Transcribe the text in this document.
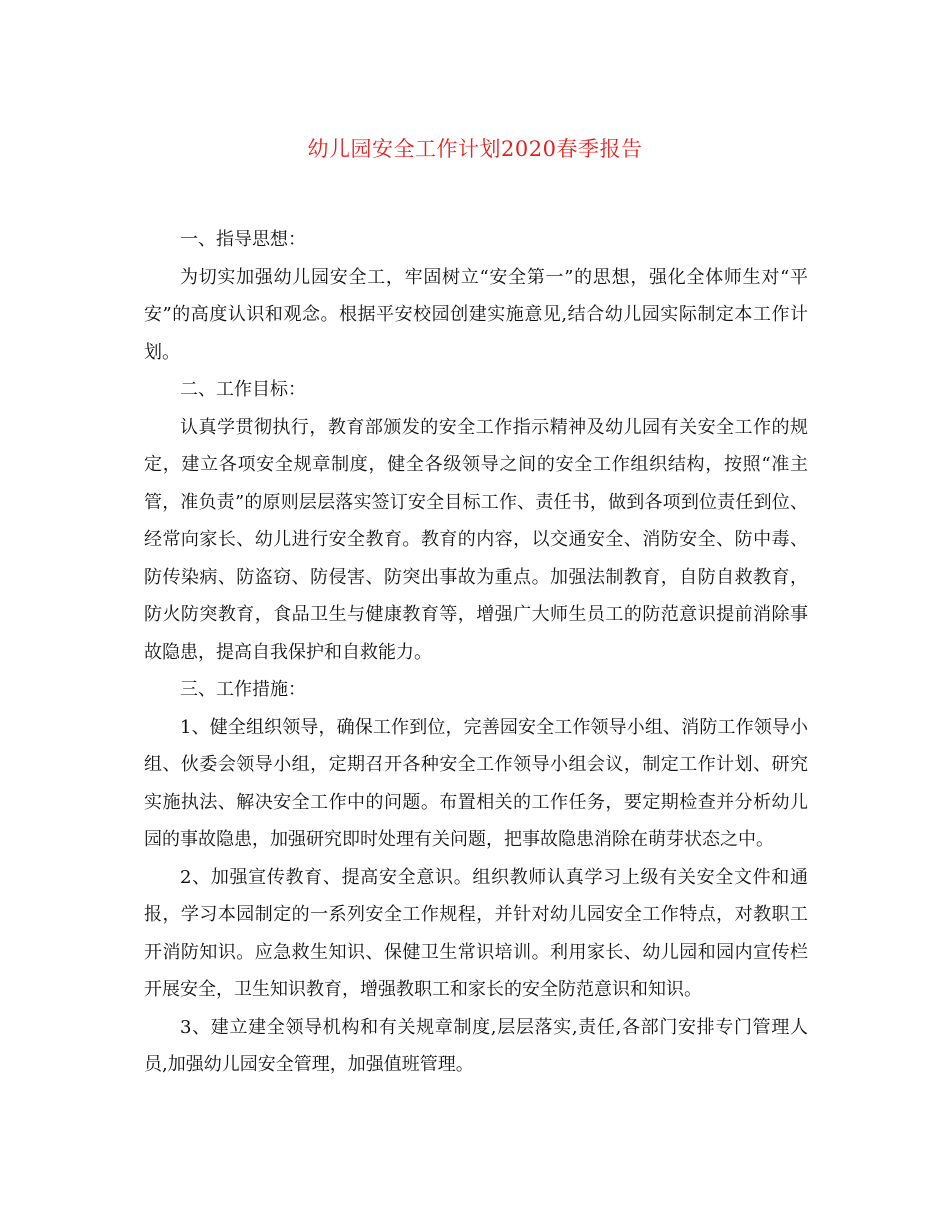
幼儿园安全工作计划2020春季报告

一、指导思想：

为切实加强幼儿园安全工，牢固树立“安全第一”的思想，强化全体师生对“平安”的高度认识和观念。根据平安校园创建实施意见,结合幼儿园实际制定本工作计划。

二、工作目标：

认真学贯彻执行，教育部颁发的安全工作指示精神及幼儿园有关安全工作的规定，建立各项安全规章制度，健全各级领导之间的安全工作组织结构，按照“准主管，准负责”的原则层层落实签订安全目标工作、责任书，做到各项到位责任到位、经常向家长、幼儿进行安全教育。教育的内容，以交通安全、消防安全、防中毒、防传染病、防盗窃、防侵害、防突出事故为重点。加强法制教育，自防自救教育，防火防突教育，食品卫生与健康教育等，增强广大师生员工的防范意识提前消除事故隐患，提高自我保护和自救能力。

三、工作措施：

1、健全组织领导，确保工作到位，完善园安全工作领导小组、消防工作领导小组、伙委会领导小组，定期召开各种安全工作领导小组会议，制定工作计划、研究实施执法、解决安全工作中的问题。布置相关的工作任务，要定期检查并分析幼儿园的事故隐患，加强研究即时处理有关问题，把事故隐患消除在萌芽状态之中。

2、加强宣传教育、提高安全意识。组织教师认真学习上级有关安全文件和通报，学习本园制定的一系列安全工作规程，并针对幼儿园安全工作特点，对教职工开消防知识。应急救生知识、保健卫生常识培训。利用家长、幼儿园和园内宣传栏开展安全，卫生知识教育，增强教职工和家长的安全防范意识和知识。

3、建立建全领导机构和有关规章制度,层层落实,责任,各部门安排专门管理人员,加强幼儿园安全管理，加强值班管理。
